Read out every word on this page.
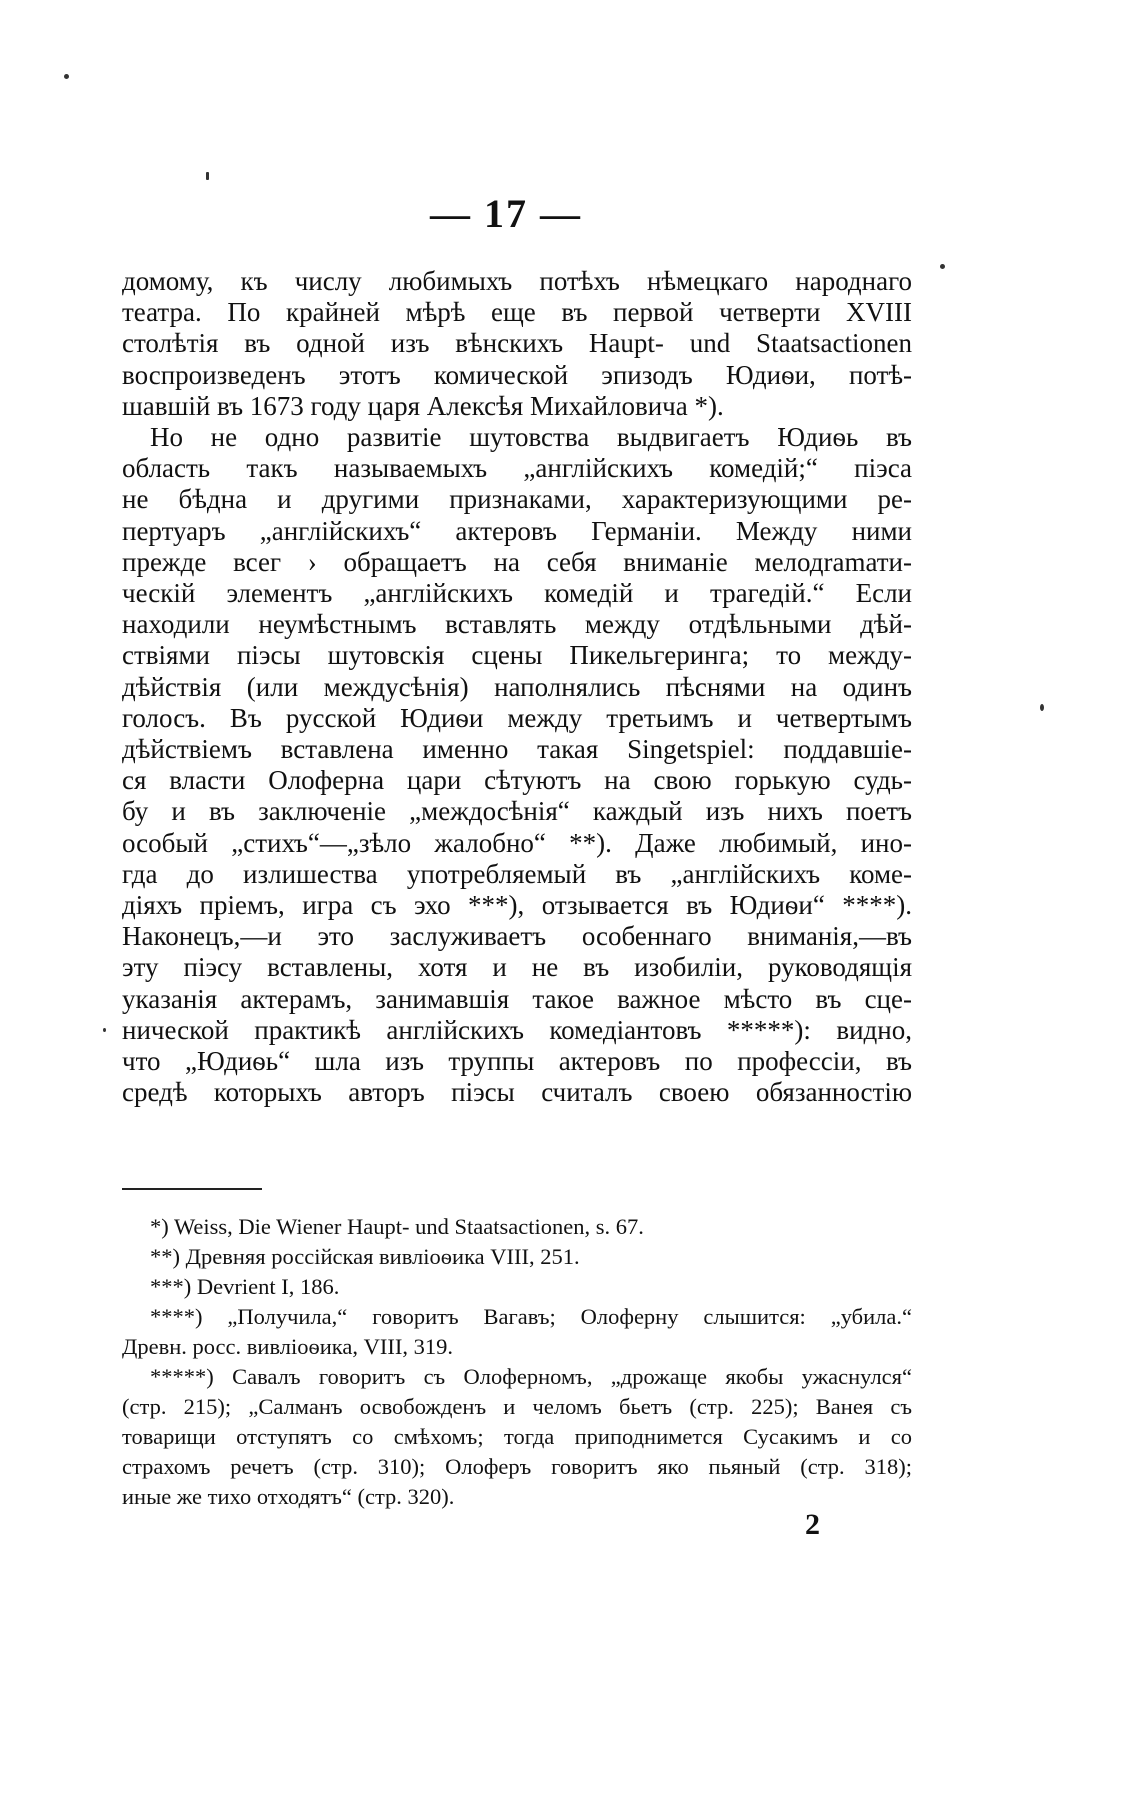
— 17 —
домому, къ числу любимыхъ потѣхъ нѣмецкаго народнаго
театра. По крайней мѣрѣ еще въ первой четверти XVIII
столѣтія въ одной изъ вѣнскихъ Haupt- und Staatsactionen
воспроизведенъ этотъ комической эпизодъ Юдиѳи, потѣ-
шавшій въ 1673 году царя Алексѣя Михайловича *).
Но не одно развитіе шутовства выдвигаетъ Юдиѳь въ
область такъ называемыхъ „англійскихъ комедій;“ піэса
не бѣдна и другими признаками, характеризующими ре-
пертуаръ „англійскихъ“ актеровъ Германіи. Между ними
прежде всег › обращаетъ на себя вниманіе мелодramати-
ческій элементъ „англійскихъ комедій и трагедій.“ Если
находили неумѣстнымъ вставлять между отдѣльными дѣй-
ствіями піэсы шутовскія сцены Пикельгеринга; то между-
дѣйствія (или междусѣнія) наполнялись пѣснями на одинъ
голосъ. Въ русской Юдиѳи между третьимъ и четвертымъ
дѣйствіемъ вставлена именно такая Singetspiel: поддавшіе-
ся власти Олоферна цари сѣтуютъ на свою горькую судь-
бу и въ заключеніе „междосѣнія“ каждый изъ нихъ поетъ
особый „стихъ“—„зѣло жалобно“ **). Даже любимый, ино-
гда до излишества употребляемый въ „англійскихъ коме-
діяхъ пріемъ, игра съ эхо ***), отзывается въ Юдиѳи“ ****).
Наконецъ,—и это заслуживаетъ особеннаго вниманія,—въ
эту піэсу вставлены, хотя и не въ изобиліи, руководящія
указанія актерамъ, занимавшія такое важное мѣсто въ сце-
нической практикѣ англійскихъ комедіантовъ *****): видно,
что „Юдиѳь“ шла изъ труппы актеровъ по професcіи, въ
средѣ которыхъ авторъ піэсы считалъ своею обязанностію
*) Weiss, Die Wiener Haupt- und Staatsactionen, s. 67.
**) Древняя россійская вивліоѳика VIII, 251.
***) Devrient I, 186.
****) „Получила,“ говоритъ Вагавъ; Олоферну слышится: „убила.“
Древн. росс. вивліоѳика, VIII, 319.
*****) Савалъ говоритъ съ Олоферномъ, „дрожаще якобы ужаснулся“
(стр. 215); „Салманъ освобожденъ и челомъ бьетъ (стр. 225); Ванея съ
товарищи отступятъ со смѣхомъ; тогда приподнимется Сусакимъ и со
страхомъ речетъ (стр. 310); Олоферъ говоритъ яко пьяный (стр. 318);
иные же тихо отходятъ“ (стр. 320).
2
